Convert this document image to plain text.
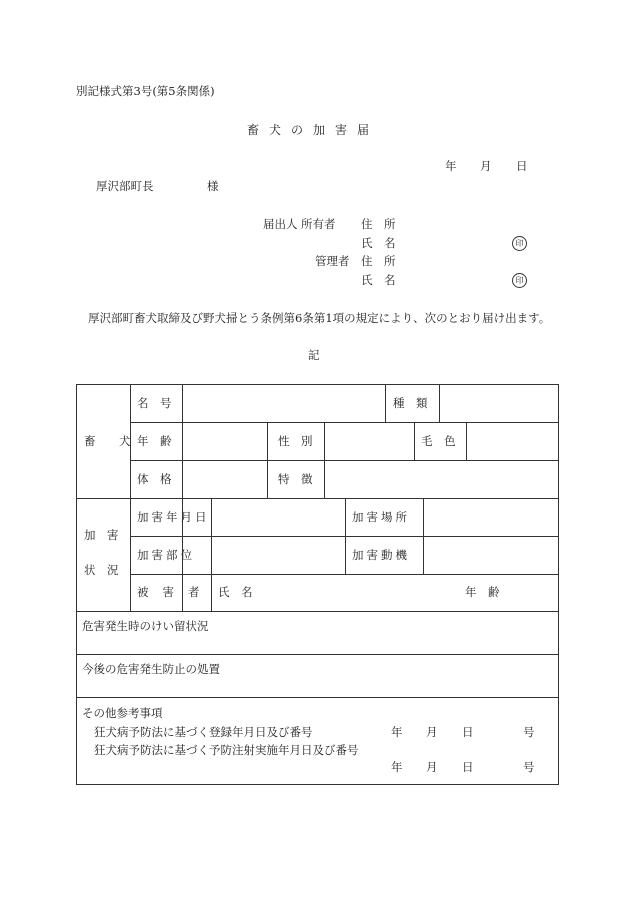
別記様式第3号(第5条関係)
畜犬の加害届
年 月 日
厚沢部町長	様
届出人 所有者 住　所
氏　名	印
管理者 住　所
氏　名	印
厚沢部町畜犬取締及び野犬掃とう条例第6条第1項の規定により、次のとおり届け出ます。
記
畜　犬
名　号	種　類
年　齢	性　別	毛　色
体　格	特　徴
加　害
状　況
加害年月日	加害場所
加害部位	加害動機
被害者 氏　名	年　齢
危害発生時のけい留状況
今後の危害発生防止の処置
その他参考事項
狂犬病予防法に基づく登録年月日及び番号	年 月 日	号
狂犬病予防法に基づく予防注射実施年月日及び番号
年 月 日	号
